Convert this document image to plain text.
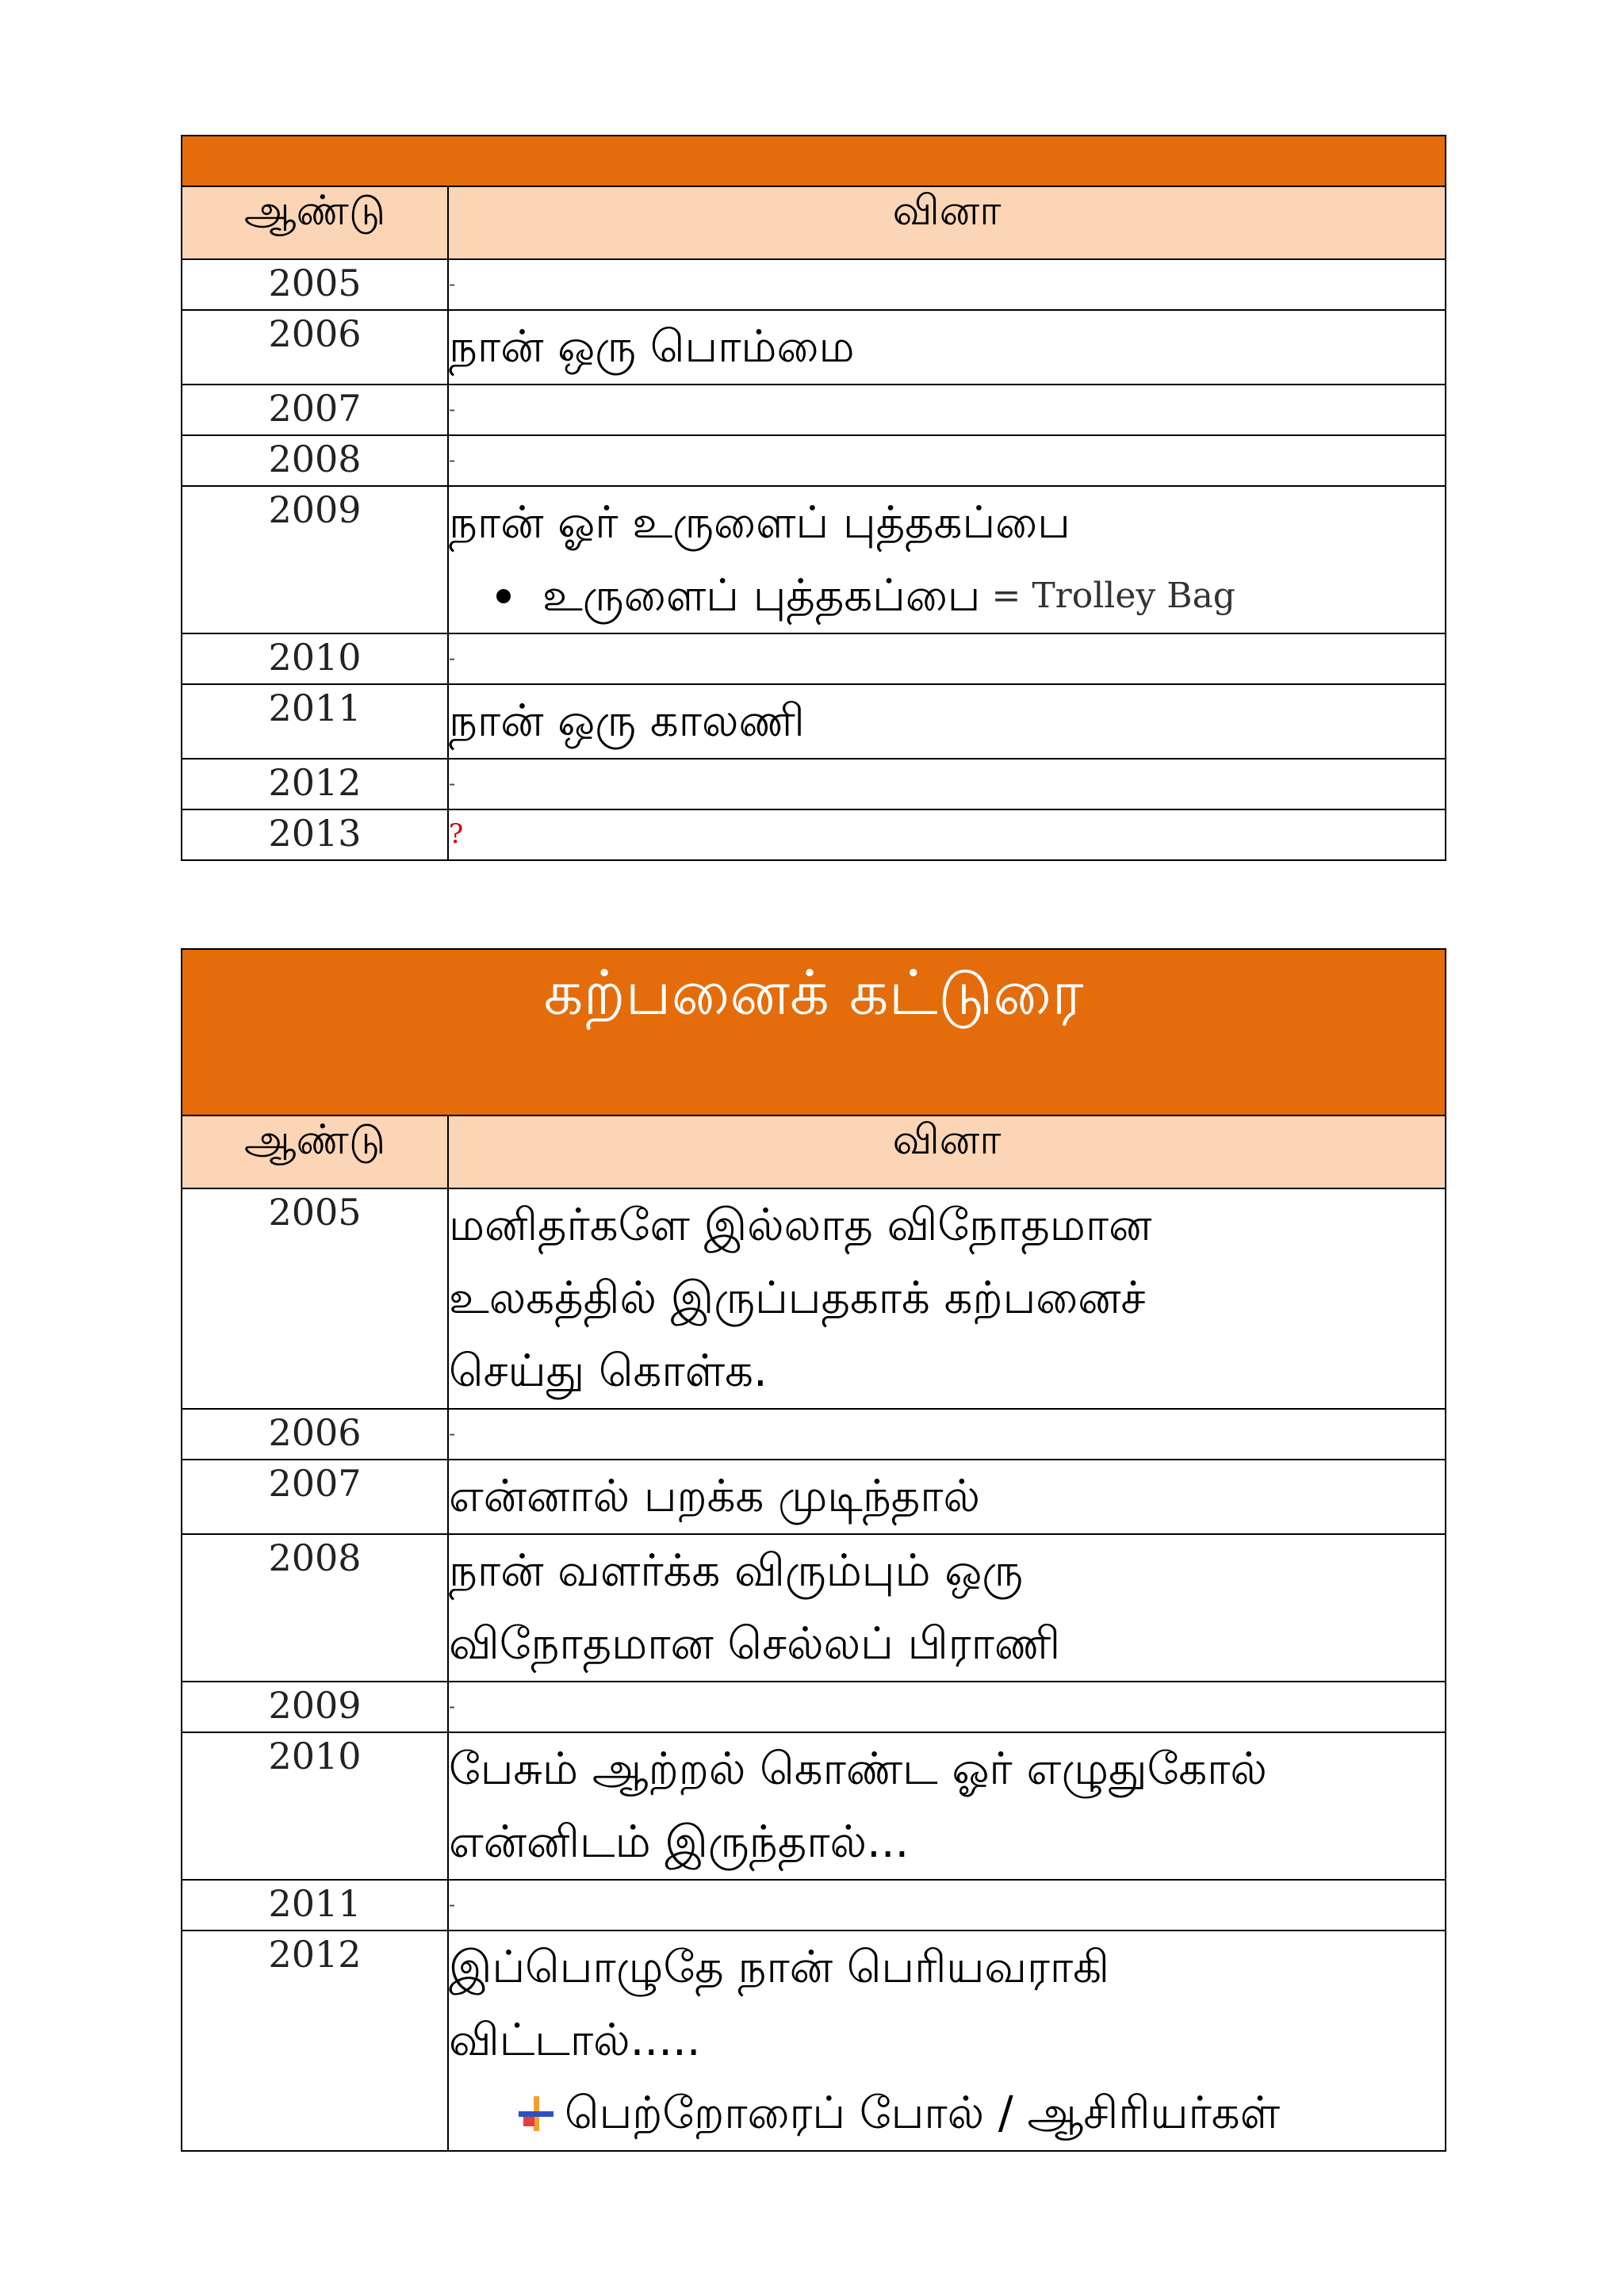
ஆண்டு	வினா
2005	-
2006	நான் ஒரு பொம்மை
2007	-
2008	-
2009	நான் ஓர் உருளைப் புத்தகப்பை
உருளைப் புத்தகப்பை = Trolley Bag

2010	-
2011	நான் ஒரு காலணி
2012	-
2013	?
கற்பனைக் கட்டுரை	
ஆண்டு	வினா
2005	மனிதர்களே இல்லாத விநோதமான
உலகத்தில் இருப்பதகாக் கற்பனைச்
செய்து கொள்க.

2006	-
2007	என்னால் பறக்க முடிந்தால்
2008	நான் வளர்க்க விரும்பும் ஒரு
விநோதமான செல்லப் பிராணி

2009	-
2010	பேசும் ஆற்றல் கொண்ட ஓர் எழுதுகோல்
என்னிடம் இருந்தால்...

2011	-
2012	இப்பொழுதே நான் பெரியவராகி
விட்டால்.....
பெற்றோரைப் போல் / ஆசிரியர்கள்
